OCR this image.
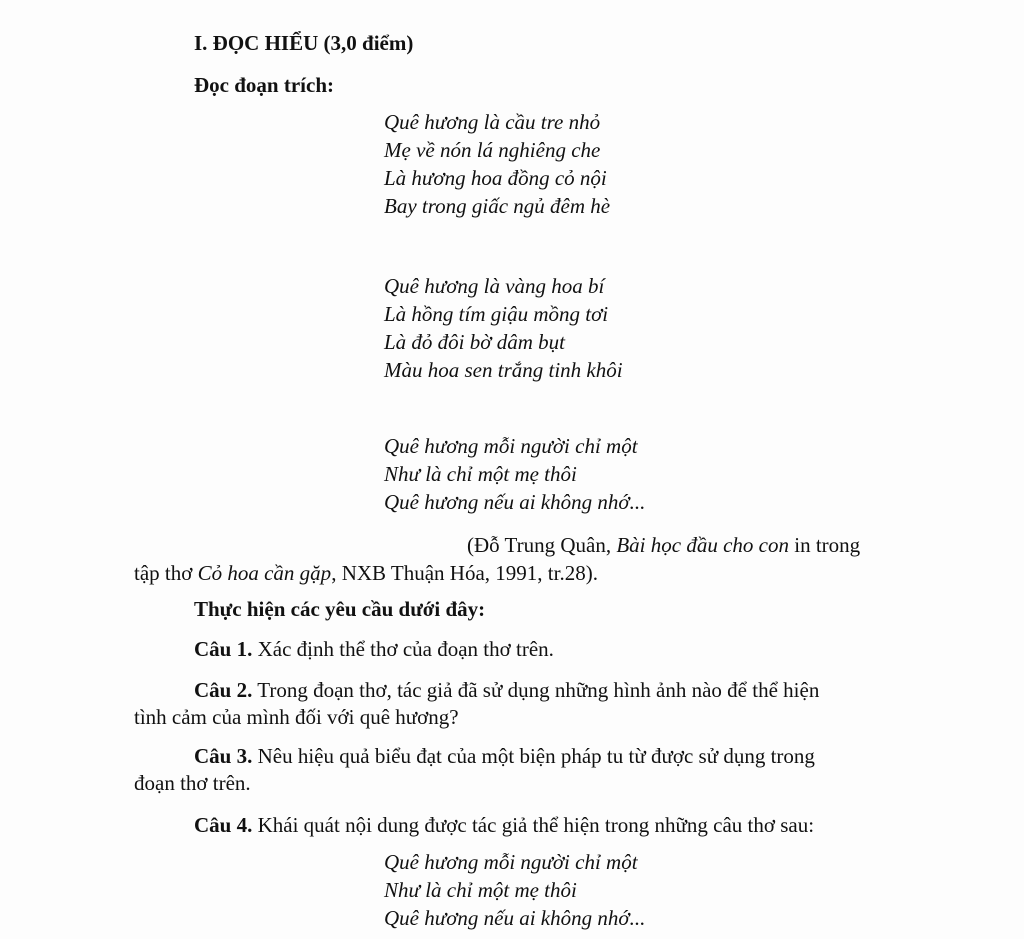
I. ĐỌC HIỂU (3,0 điểm)
Đọc đoạn trích:
Quê hương là cầu tre nhỏ
Mẹ về nón lá nghiêng che
Là hương hoa đồng cỏ nội
Bay trong giấc ngủ đêm hè
Quê hương là vàng hoa bí
Là hồng tím giậu mồng tơi
Là đỏ đôi bờ dâm bụt
Màu hoa sen trắng tinh khôi
Quê hương mỗi người chỉ một
Như là chỉ một mẹ thôi
Quê hương nếu ai không nhớ...
(Đỗ Trung Quân, Bài học đầu cho con in trong
tập thơ Cỏ hoa cần gặp, NXB Thuận Hóa, 1991, tr.28).
Thực hiện các yêu cầu dưới đây:
Câu 1. Xác định thể thơ của đoạn thơ trên.
Câu 2. Trong đoạn thơ, tác giả đã sử dụng những hình ảnh nào để thể hiện
tình cảm của mình đối với quê hương?
Câu 3. Nêu hiệu quả biểu đạt của một biện pháp tu từ được sử dụng trong
đoạn thơ trên.
Câu 4. Khái quát nội dung được tác giả thể hiện trong những câu thơ sau:
Quê hương mỗi người chỉ một
Như là chỉ một mẹ thôi
Quê hương nếu ai không nhớ...
